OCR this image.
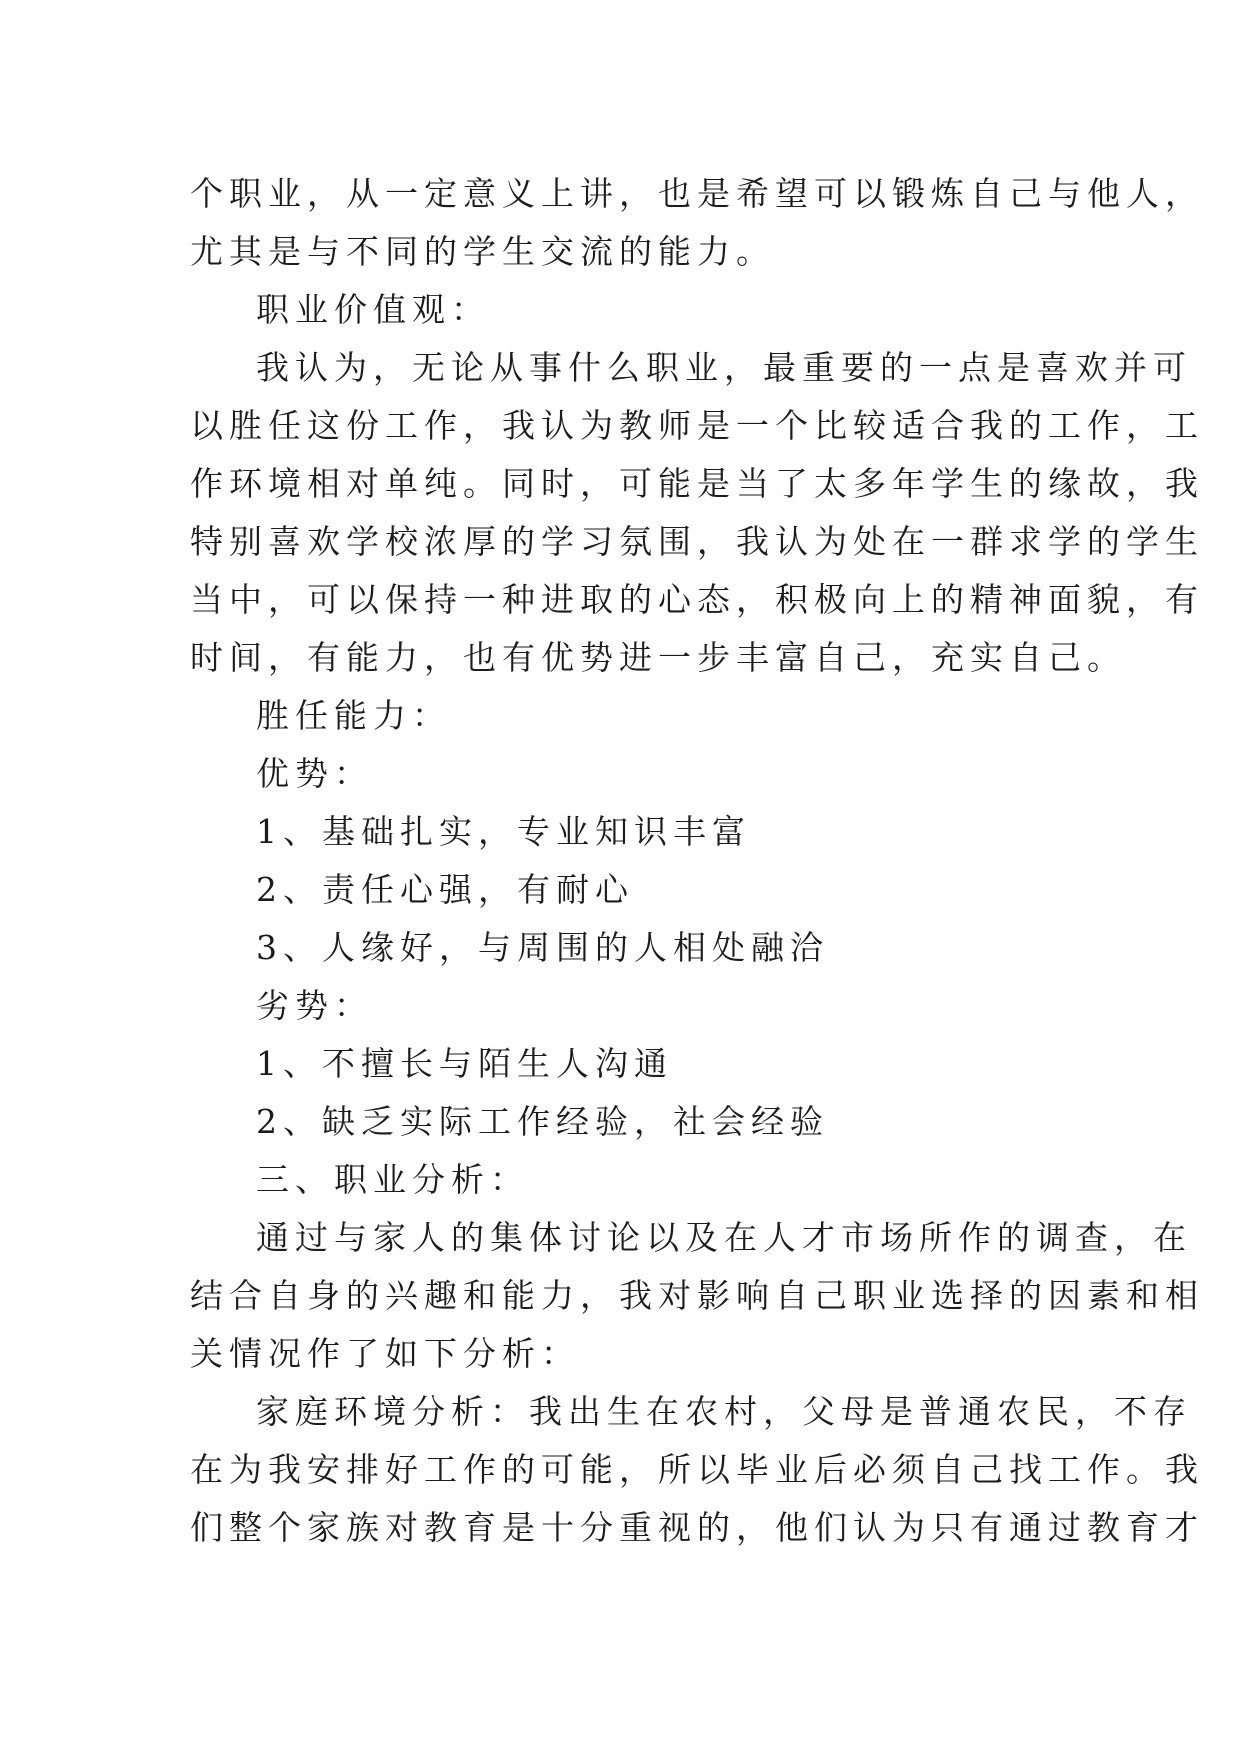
个职业，从一定意义上讲，也是希望可以锻炼自己与他人，
尤其是与不同的学生交流的能力。
职业价值观：
我认为，无论从事什么职业，最重要的一点是喜欢并可
以胜任这份工作，我认为教师是一个比较适合我的工作，工
作环境相对单纯。同时，可能是当了太多年学生的缘故，我
特别喜欢学校浓厚的学习氛围，我认为处在一群求学的学生
当中，可以保持一种进取的心态，积极向上的精神面貌，有
时间，有能力，也有优势进一步丰富自己，充实自己。
胜任能力：
优势：
1、基础扎实，专业知识丰富
2、责任心强，有耐心
3、人缘好，与周围的人相处融洽
劣势：
1、不擅长与陌生人沟通
2、缺乏实际工作经验，社会经验
三、职业分析：
通过与家人的集体讨论以及在人才市场所作的调查，在
结合自身的兴趣和能力，我对影响自己职业选择的因素和相
关情况作了如下分析：
家庭环境分析：我出生在农村，父母是普通农民，不存
在为我安排好工作的可能，所以毕业后必须自己找工作。我
们整个家族对教育是十分重视的，他们认为只有通过教育才
